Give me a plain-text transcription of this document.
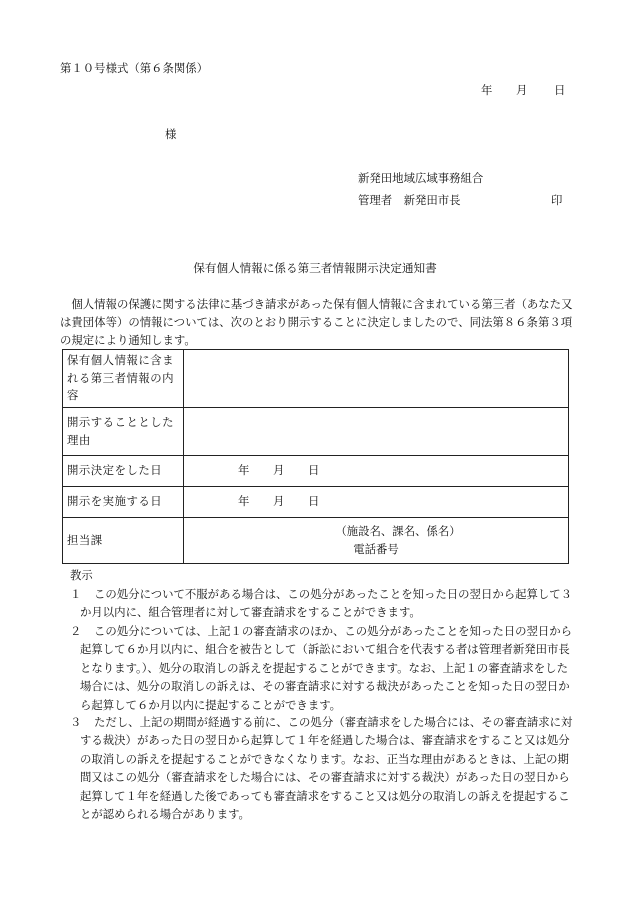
第１０号様式（第６条関係）
年 月 日
様
新発田地域広域事務組合
管理者　新発田市長	印
保有個人情報に係る第三者情報開示決定通知書
個人情報の保護に関する法律に基づき請求があった保有個人情報に含まれている第三者（あなた又は貴団体等）の情報については、次のとおり開示することに決定しましたので、同法第８６条第３項の規定により通知します。
保有個人情報に含まれる第三者情報の内容	
開示することとした理由	
開示決定をした日	年 月 日
開示を実施する日	年 月 日
担当課	（施設名、課名、係名）
電話番号
教示
１	この処分について不服がある場合は、この処分があったことを知った日の翌日から起算して３か月以内に、組合管理者に対して審査請求をすることができます。
２	この処分については、上記１の審査請求のほか、この処分があったことを知った日の翌日から起算して６か月以内に、組合を被告として（訴訟において組合を代表する者は管理者新発田市長となります。）、処分の取消しの訴えを提起することができます。なお、上記１の審査請求をした場合には、処分の取消しの訴えは、その審査請求に対する裁決があったことを知った日の翌日から起算して６か月以内に提起することができます。
３	ただし、上記の期間が経過する前に、この処分（審査請求をした場合には、その審査請求に対する裁決）があった日の翌日から起算して１年を経過した場合は、審査請求をすること又は処分の取消しの訴えを提起することができなくなります。なお、正当な理由があるときは、上記の期間又はこの処分（審査請求をした場合には、その審査請求に対する裁決）があった日の翌日から起算して１年を経過した後であっても審査請求をすること又は処分の取消しの訴えを提起することが認められる場合があります。
